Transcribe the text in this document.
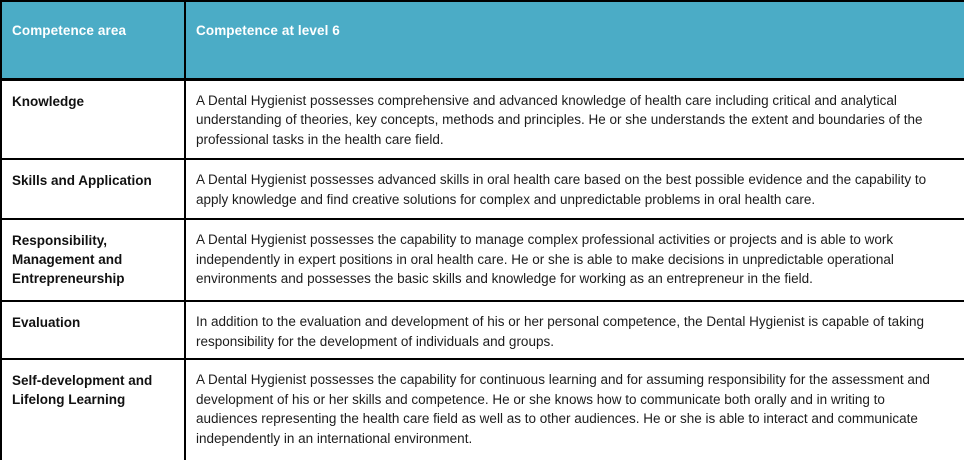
Competence area	Competence at level 6
Knowledge	A Dental Hygienist possesses comprehensive and advanced knowledge of health care including critical and analytical understanding of theories, key concepts, methods and principles. He or she understands the extent and boundaries of the professional tasks in the health care field.
Skills and Application	A Dental Hygienist possesses advanced skills in oral health care based on the best possible evidence and the capability to apply knowledge and find creative solutions for complex and unpredictable problems in oral health care.
Responsibility, Management and Entrepreneurship	A Dental Hygienist possesses the capability to manage complex professional activities or projects and is able to work independently in expert positions in oral health care. He or she is able to make decisions in unpredictable operational environments and possesses the basic skills and knowledge for working as an entrepreneur in the field.
Evaluation	In addition to the evaluation and development of his or her personal competence, the Dental Hygienist is capable of taking responsibility for the development of individuals and groups.
Self-development and Lifelong Learning	A Dental Hygienist possesses the capability for continuous learning and for assuming responsibility for the assessment and development of his or her skills and competence. He or she knows how to communicate both orally and in writing to audiences representing the health care field as well as to other audiences. He or she is able to interact and communicate independently in an international environment.
